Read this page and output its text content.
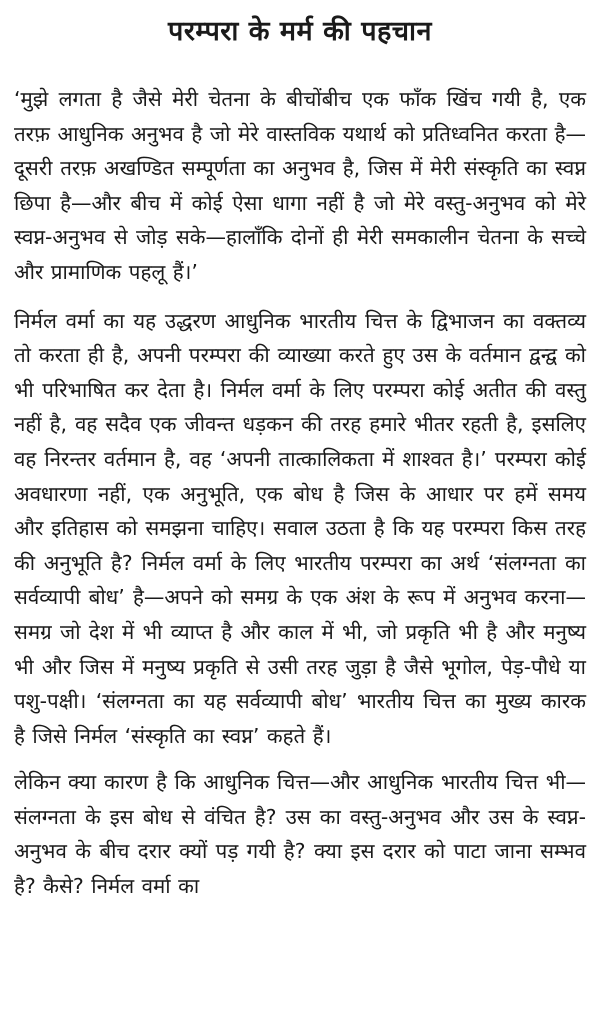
परम्परा के मर्म की पहचान

‘मुझे लगता है जैसे मेरी चेतना के बीचोंबीच एक फाँक खिंच गयी है, एक तरफ़ आधुनिक अनुभव है जो मेरे वास्तविक यथार्थ को प्रतिध्वनित करता है—दूसरी तरफ़ अखण्डित सम्पूर्णता का अनुभव है, जिस में मेरी संस्कृति का स्वप्न छिपा है—और बीच में कोई ऐसा धागा नहीं है जो मेरे वस्तु-अनुभव को मेरे स्वप्न-अनुभव से जोड़ सके—हालाँकि दोनों ही मेरी समकालीन चेतना के सच्चे और प्रामाणिक पहलू हैं।’

निर्मल वर्मा का यह उद्धरण आधुनिक भारतीय चित्त के द्विभाजन का वक्तव्य तो करता ही है, अपनी परम्परा की व्याख्या करते हुए उस के वर्तमान द्वन्द्व को भी परिभाषित कर देता है। निर्मल वर्मा के लिए परम्परा कोई अतीत की वस्तु नहीं है, वह सदैव एक जीवन्त धड़कन की तरह हमारे भीतर रहती है, इसलिए वह निरन्तर वर्तमान है, वह ‘अपनी तात्कालिकता में शाश्वत है।’ परम्परा कोई अवधारणा नहीं, एक अनुभूति, एक बोध है जिस के आधार पर हमें समय और इतिहास को समझना चाहिए। सवाल उठता है कि यह परम्परा किस तरह की अनुभूति है? निर्मल वर्मा के लिए भारतीय परम्परा का अर्थ ‘संलग्नता का सर्वव्यापी बोध’ है—अपने को समग्र के एक अंश के रूप में अनुभव करना—समग्र जो देश में भी व्याप्त है और काल में भी, जो प्रकृति भी है और मनुष्य भी और जिस में मनुष्य प्रकृति से उसी तरह जुड़ा है जैसे भूगोल, पेड़-पौधे या पशु-पक्षी। ‘संलग्नता का यह सर्वव्यापी बोध’ भारतीय चित्त का मुख्य कारक है जिसे निर्मल ‘संस्कृति का स्वप्न’ कहते हैं।

लेकिन क्या कारण है कि आधुनिक चित्त—और आधुनिक भारतीय चित्त भी—संलग्नता के इस बोध से वंचित है? उस का वस्तु-अनुभव और उस के स्वप्न-अनुभव के बीच दरार क्यों पड़ गयी है? क्या इस दरार को पाटा जाना सम्भव है? कैसे? निर्मल वर्मा का
